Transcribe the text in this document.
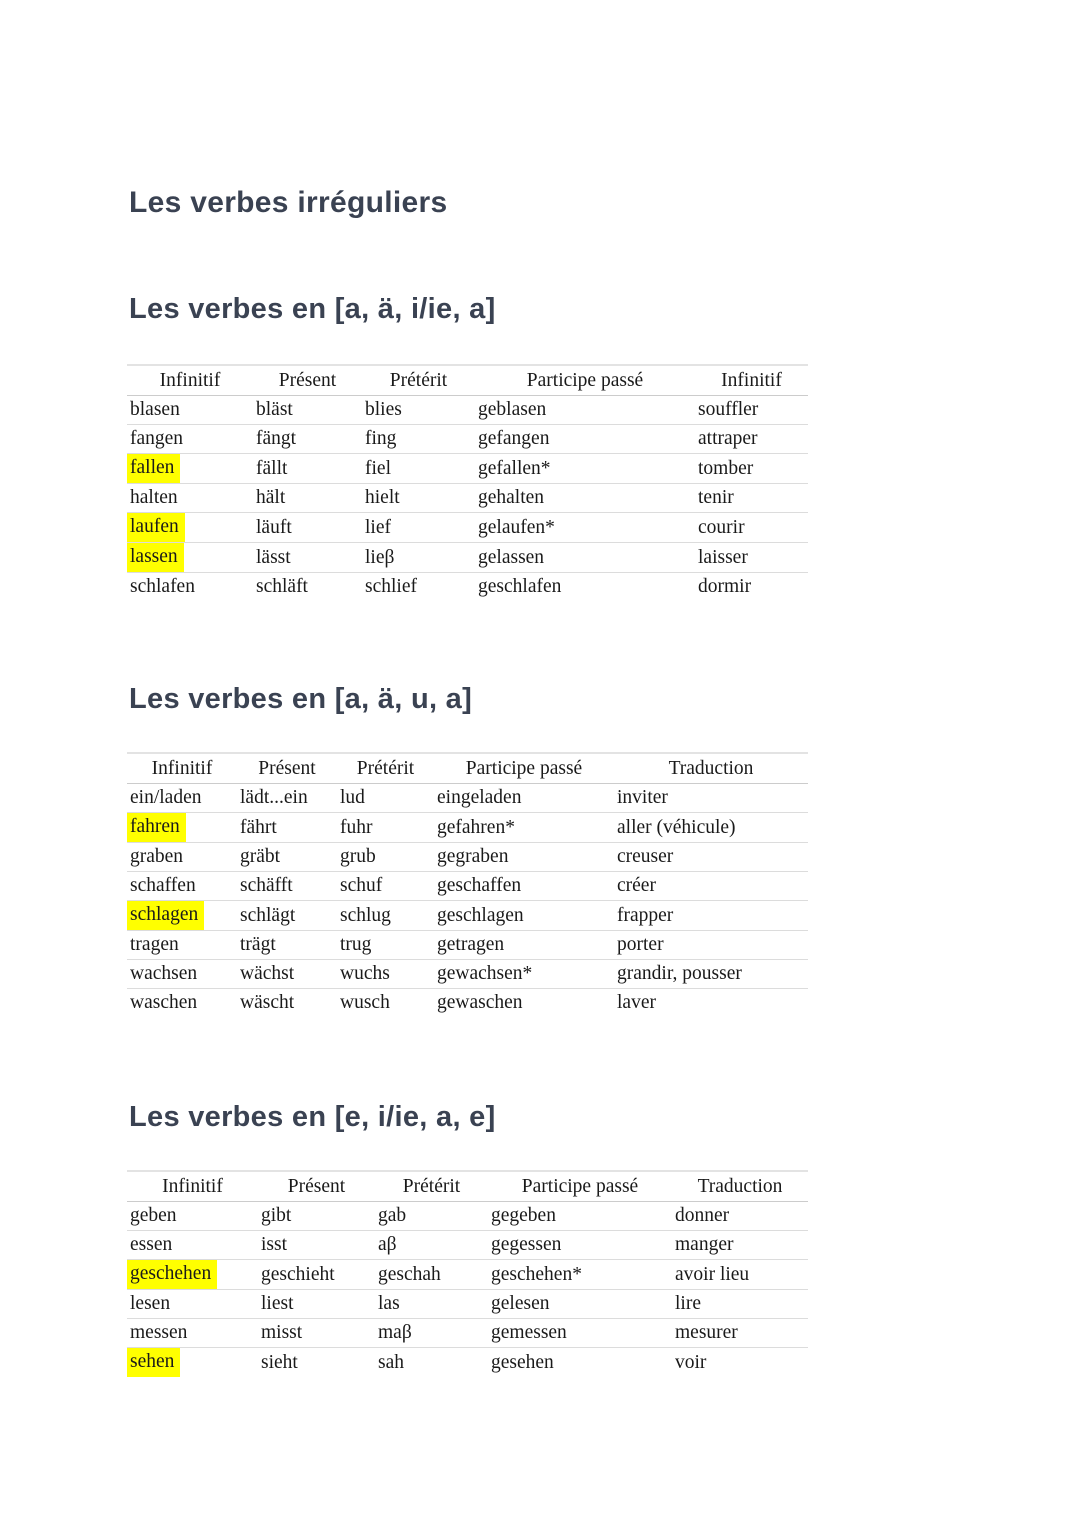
Les verbes irréguliers
Les verbes en [a, ä, i/ie, a]
Infinitif	Présent	Prétérit	Participe passé	Infinitif
blasen	bläst	blies	geblasen	souffler
fangen	fängt	fing	gefangen	attraper
fallen	fällt	fiel	gefallen*	tomber
halten	hält	hielt	gehalten	tenir
laufen	läuft	lief	gelaufen*	courir
lassen	lässt	lieβ	gelassen	laisser
schlafen	schläft	schlief	geschlafen	dormir
Les verbes en [a, ä, u, a]
Infinitif	Présent	Prétérit	Participe passé	Traduction
ein/laden	lädt...ein	lud	eingeladen	inviter
fahren	fährt	fuhr	gefahren*	aller (véhicule)
graben	gräbt	grub	gegraben	creuser
schaffen	schäfft	schuf	geschaffen	créer
schlagen	schlägt	schlug	geschlagen	frapper
tragen	trägt	trug	getragen	porter
wachsen	wächst	wuchs	gewachsen*	grandir, pousser
waschen	wäscht	wusch	gewaschen	laver
Les verbes en [e, i/ie, a, e]
Infinitif	Présent	Prétérit	Participe passé	Traduction
geben	gibt	gab	gegeben	donner
essen	isst	aβ	gegessen	manger
geschehen	geschieht	geschah	geschehen*	avoir lieu
lesen	liest	las	gelesen	lire
messen	misst	maβ	gemessen	mesurer
sehen	sieht	sah	gesehen	voir
